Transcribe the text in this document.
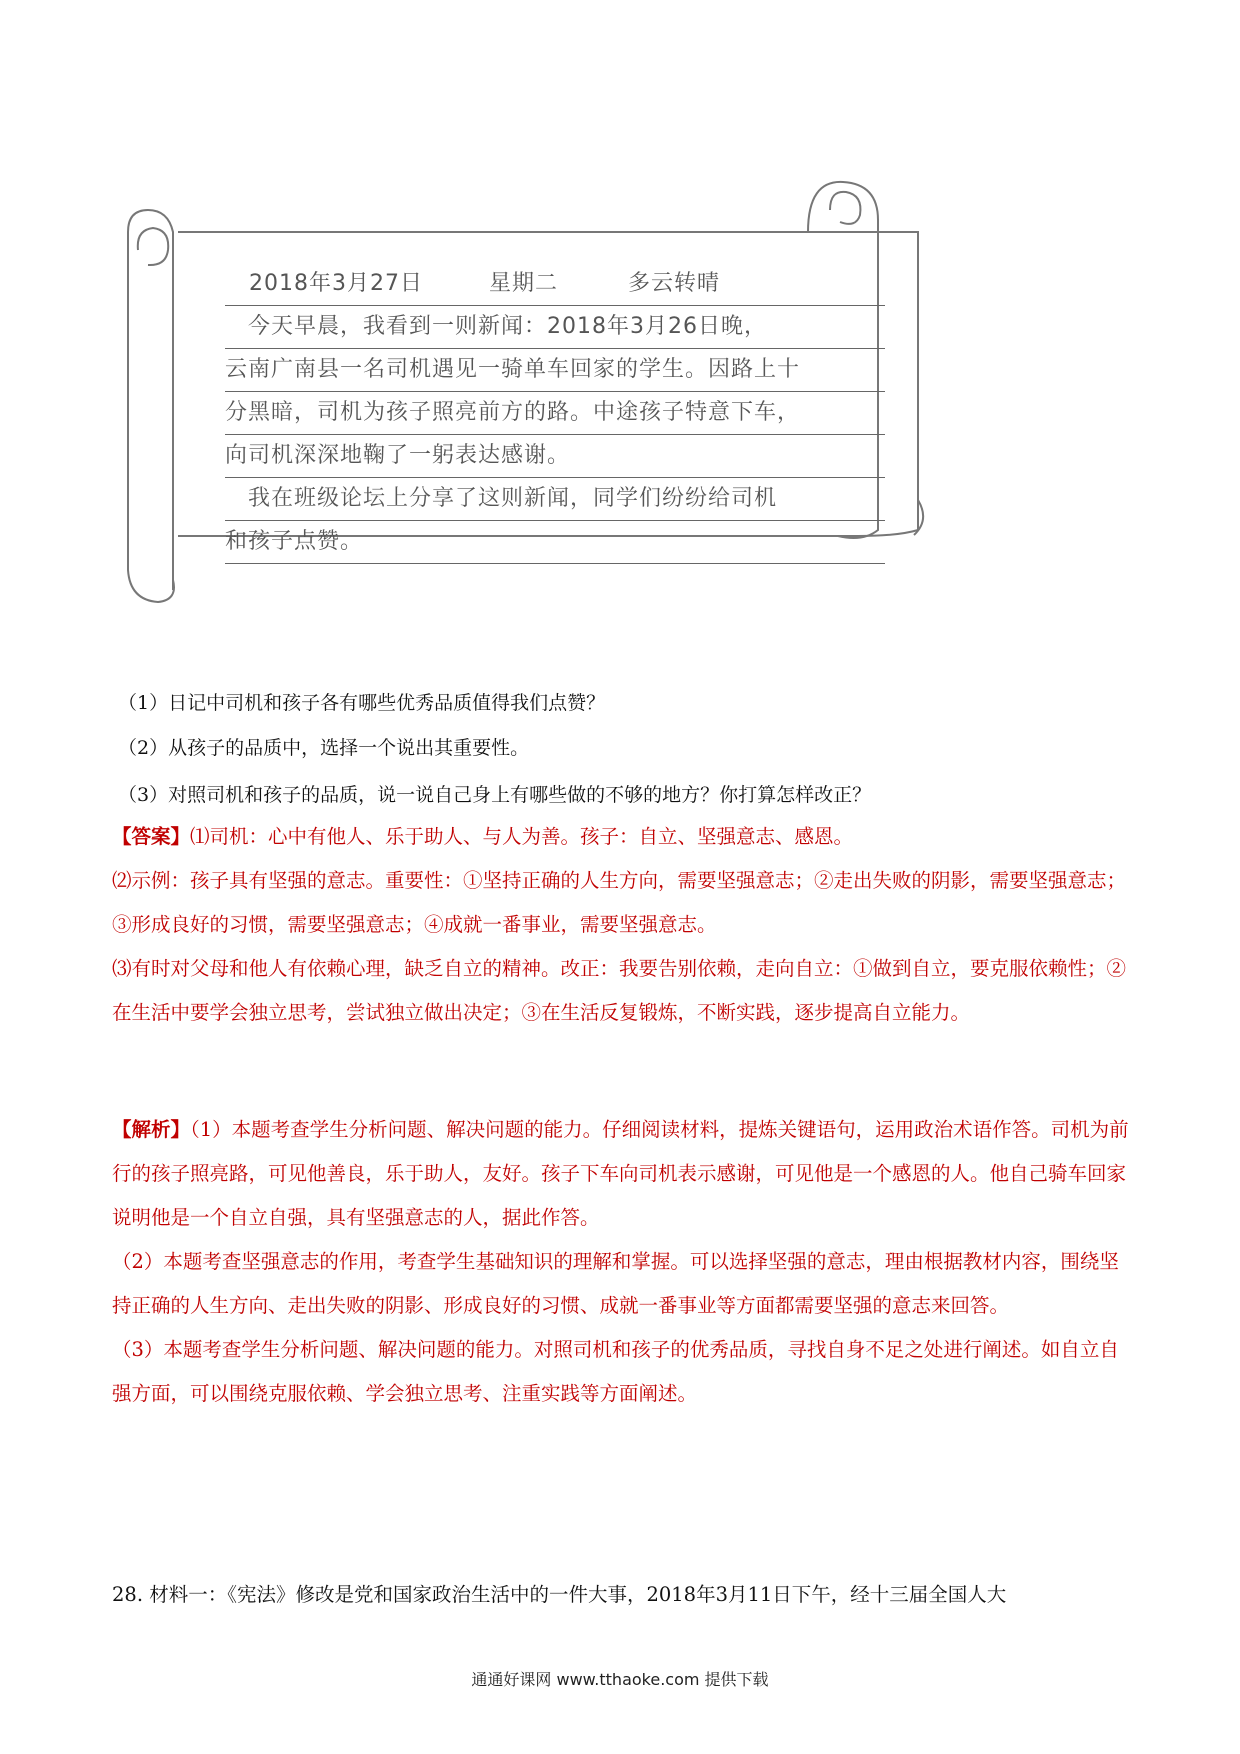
2018年3月27日	星期二	多云转晴
　今天早晨，我看到一则新闻：2018年3月26日晚，
云南广南县一名司机遇见一骑单车回家的学生。因路上十
分黑暗，司机为孩子照亮前方的路。中途孩子特意下车，
向司机深深地鞠了一躬表达感谢。
　我在班级论坛上分享了这则新闻，同学们纷纷给司机
和孩子点赞。
（1）日记中司机和孩子各有哪些优秀品质值得我们点赞？
（2）从孩子的品质中，选择一个说出其重要性。
（3）对照司机和孩子的品质，说一说自己身上有哪些做的不够的地方？你打算怎样改正？

【答案】⑴司机：心中有他人、乐于助人、与人为善。孩子：自立、坚强意志、感恩。

⑵示例：孩子具有坚强的意志。重要性：①坚持正确的人生方向，需要坚强意志；②走出失败的阴影，需要坚强意志；③形成良好的习惯，需要坚强意志；④成就一番事业，需要坚强意志。

⑶有时对父母和他人有依赖心理，缺乏自立的精神。改正：我要告别依赖，走向自立：①做到自立，要克服依赖性；②在生活中要学会独立思考，尝试独立做出决定；③在生活反复锻炼，不断实践，逐步提高自立能力。

【解析】（1）本题考查学生分析问题、解决问题的能力。仔细阅读材料，提炼关键语句，运用政治术语作答。司机为前行的孩子照亮路，可见他善良，乐于助人，友好。孩子下车向司机表示感谢，可见他是一个感恩的人。他自己骑车回家说明他是一个自立自强，具有坚强意志的人，据此作答。

（2）本题考查坚强意志的作用，考查学生基础知识的理解和掌握。可以选择坚强的意志，理由根据教材内容，围绕坚持正确的人生方向、走出失败的阴影、形成良好的习惯、成就一番事业等方面都需要坚强的意志来回答。

（3）本题考查学生分析问题、解决问题的能力。对照司机和孩子的优秀品质，寻找自身不足之处进行阐述。如自立自强方面，可以围绕克服依赖、学会独立思考、注重实践等方面阐述。

28. 材料一：《宪法》修改是党和国家政治生活中的一件大事，2018年3月11日下午，经十三届全国人大
通通好课网 www.tthaoke.com 提供下载
